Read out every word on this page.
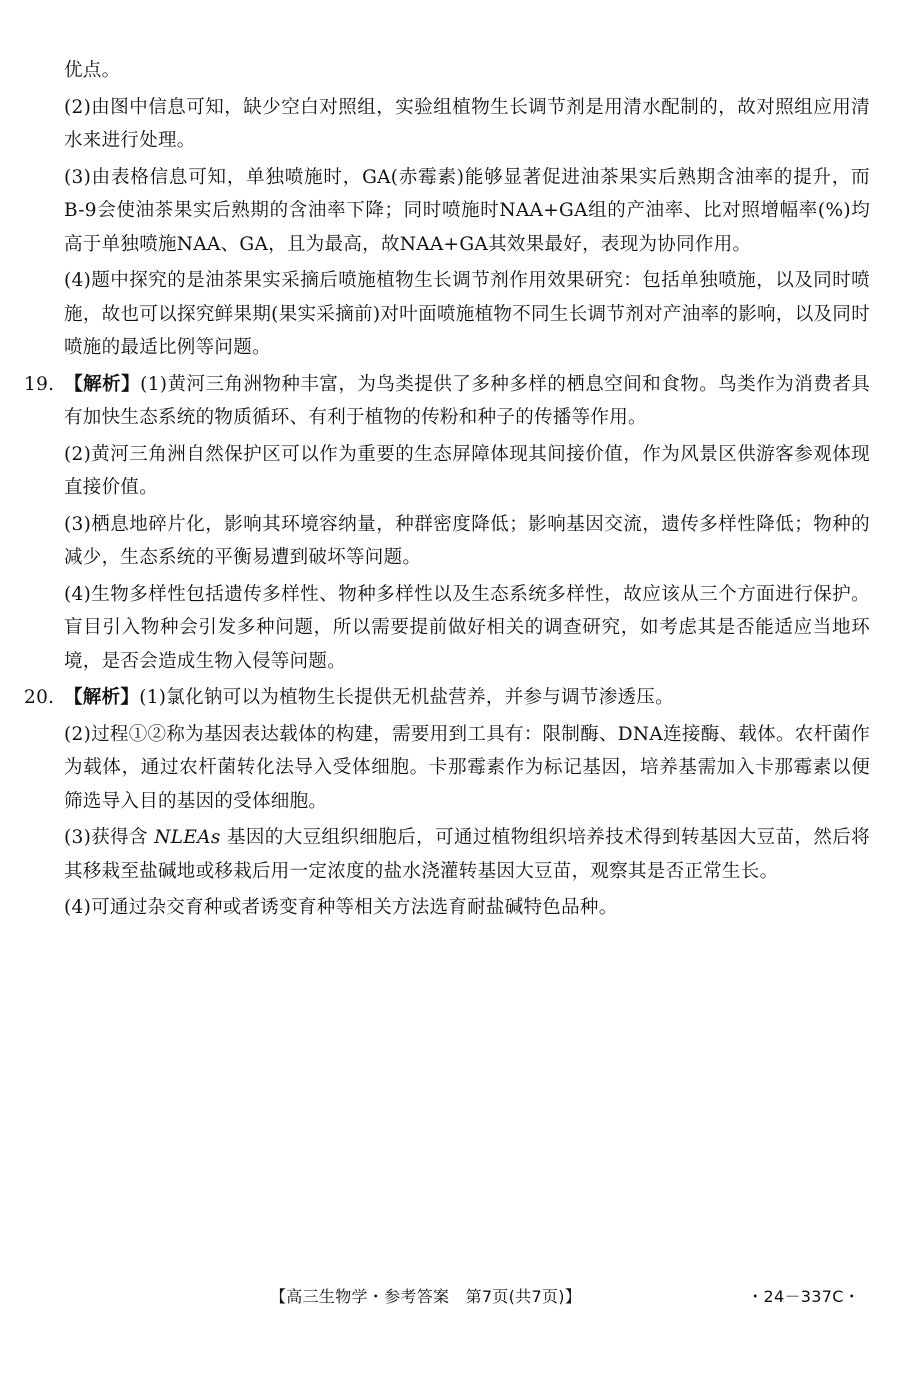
优点。

(2)由图中信息可知，缺少空白对照组，实验组植物生长调节剂是用清水配制的，故对照组应用清水来进行处理。

(3)由表格信息可知，单独喷施时，GA(赤霉素)能够显著促进油茶果实后熟期含油率的提升，而B-9会使油茶果实后熟期的含油率下降；同时喷施时NAA+GA组的产油率、比对照增幅率(%)均高于单独喷施NAA、GA，且为最高，故NAA+GA其效果最好，表现为协同作用。

(4)题中探究的是油茶果实采摘后喷施植物生长调节剂作用效果研究：包括单独喷施，以及同时喷施，故也可以探究鲜果期(果实采摘前)对叶面喷施植物不同生长调节剂对产油率的影响，以及同时喷施的最适比例等问题。

19. 【解析】(1)黄河三角洲物种丰富，为鸟类提供了多种多样的栖息空间和食物。鸟类作为消费者具有加快生态系统的物质循环、有利于植物的传粉和种子的传播等作用。

(2)黄河三角洲自然保护区可以作为重要的生态屏障体现其间接价值，作为风景区供游客参观体现直接价值。

(3)栖息地碎片化，影响其环境容纳量，种群密度降低；影响基因交流，遗传多样性降低；物种的减少，生态系统的平衡易遭到破坏等问题。

(4)生物多样性包括遗传多样性、物种多样性以及生态系统多样性，故应该从三个方面进行保护。盲目引入物种会引发多种问题，所以需要提前做好相关的调查研究，如考虑其是否能适应当地环境，是否会造成生物入侵等问题。

20. 【解析】(1)氯化钠可以为植物生长提供无机盐营养，并参与调节渗透压。

(2)过程①②称为基因表达载体的构建，需要用到工具有：限制酶、DNA连接酶、载体。农杆菌作为载体，通过农杆菌转化法导入受体细胞。卡那霉素作为标记基因，培养基需加入卡那霉素以便筛选导入目的基因的受体细胞。

(3)获得含 NLEAs 基因的大豆组织细胞后，可通过植物组织培养技术得到转基因大豆苗，然后将其移栽至盐碱地或移栽后用一定浓度的盐水浇灌转基因大豆苗，观察其是否正常生长。

(4)可通过杂交育种或者诱变育种等相关方法选育耐盐碱特色品种。

【高三生物学・参考答案　第7页(共7页)】	・24－337C・
